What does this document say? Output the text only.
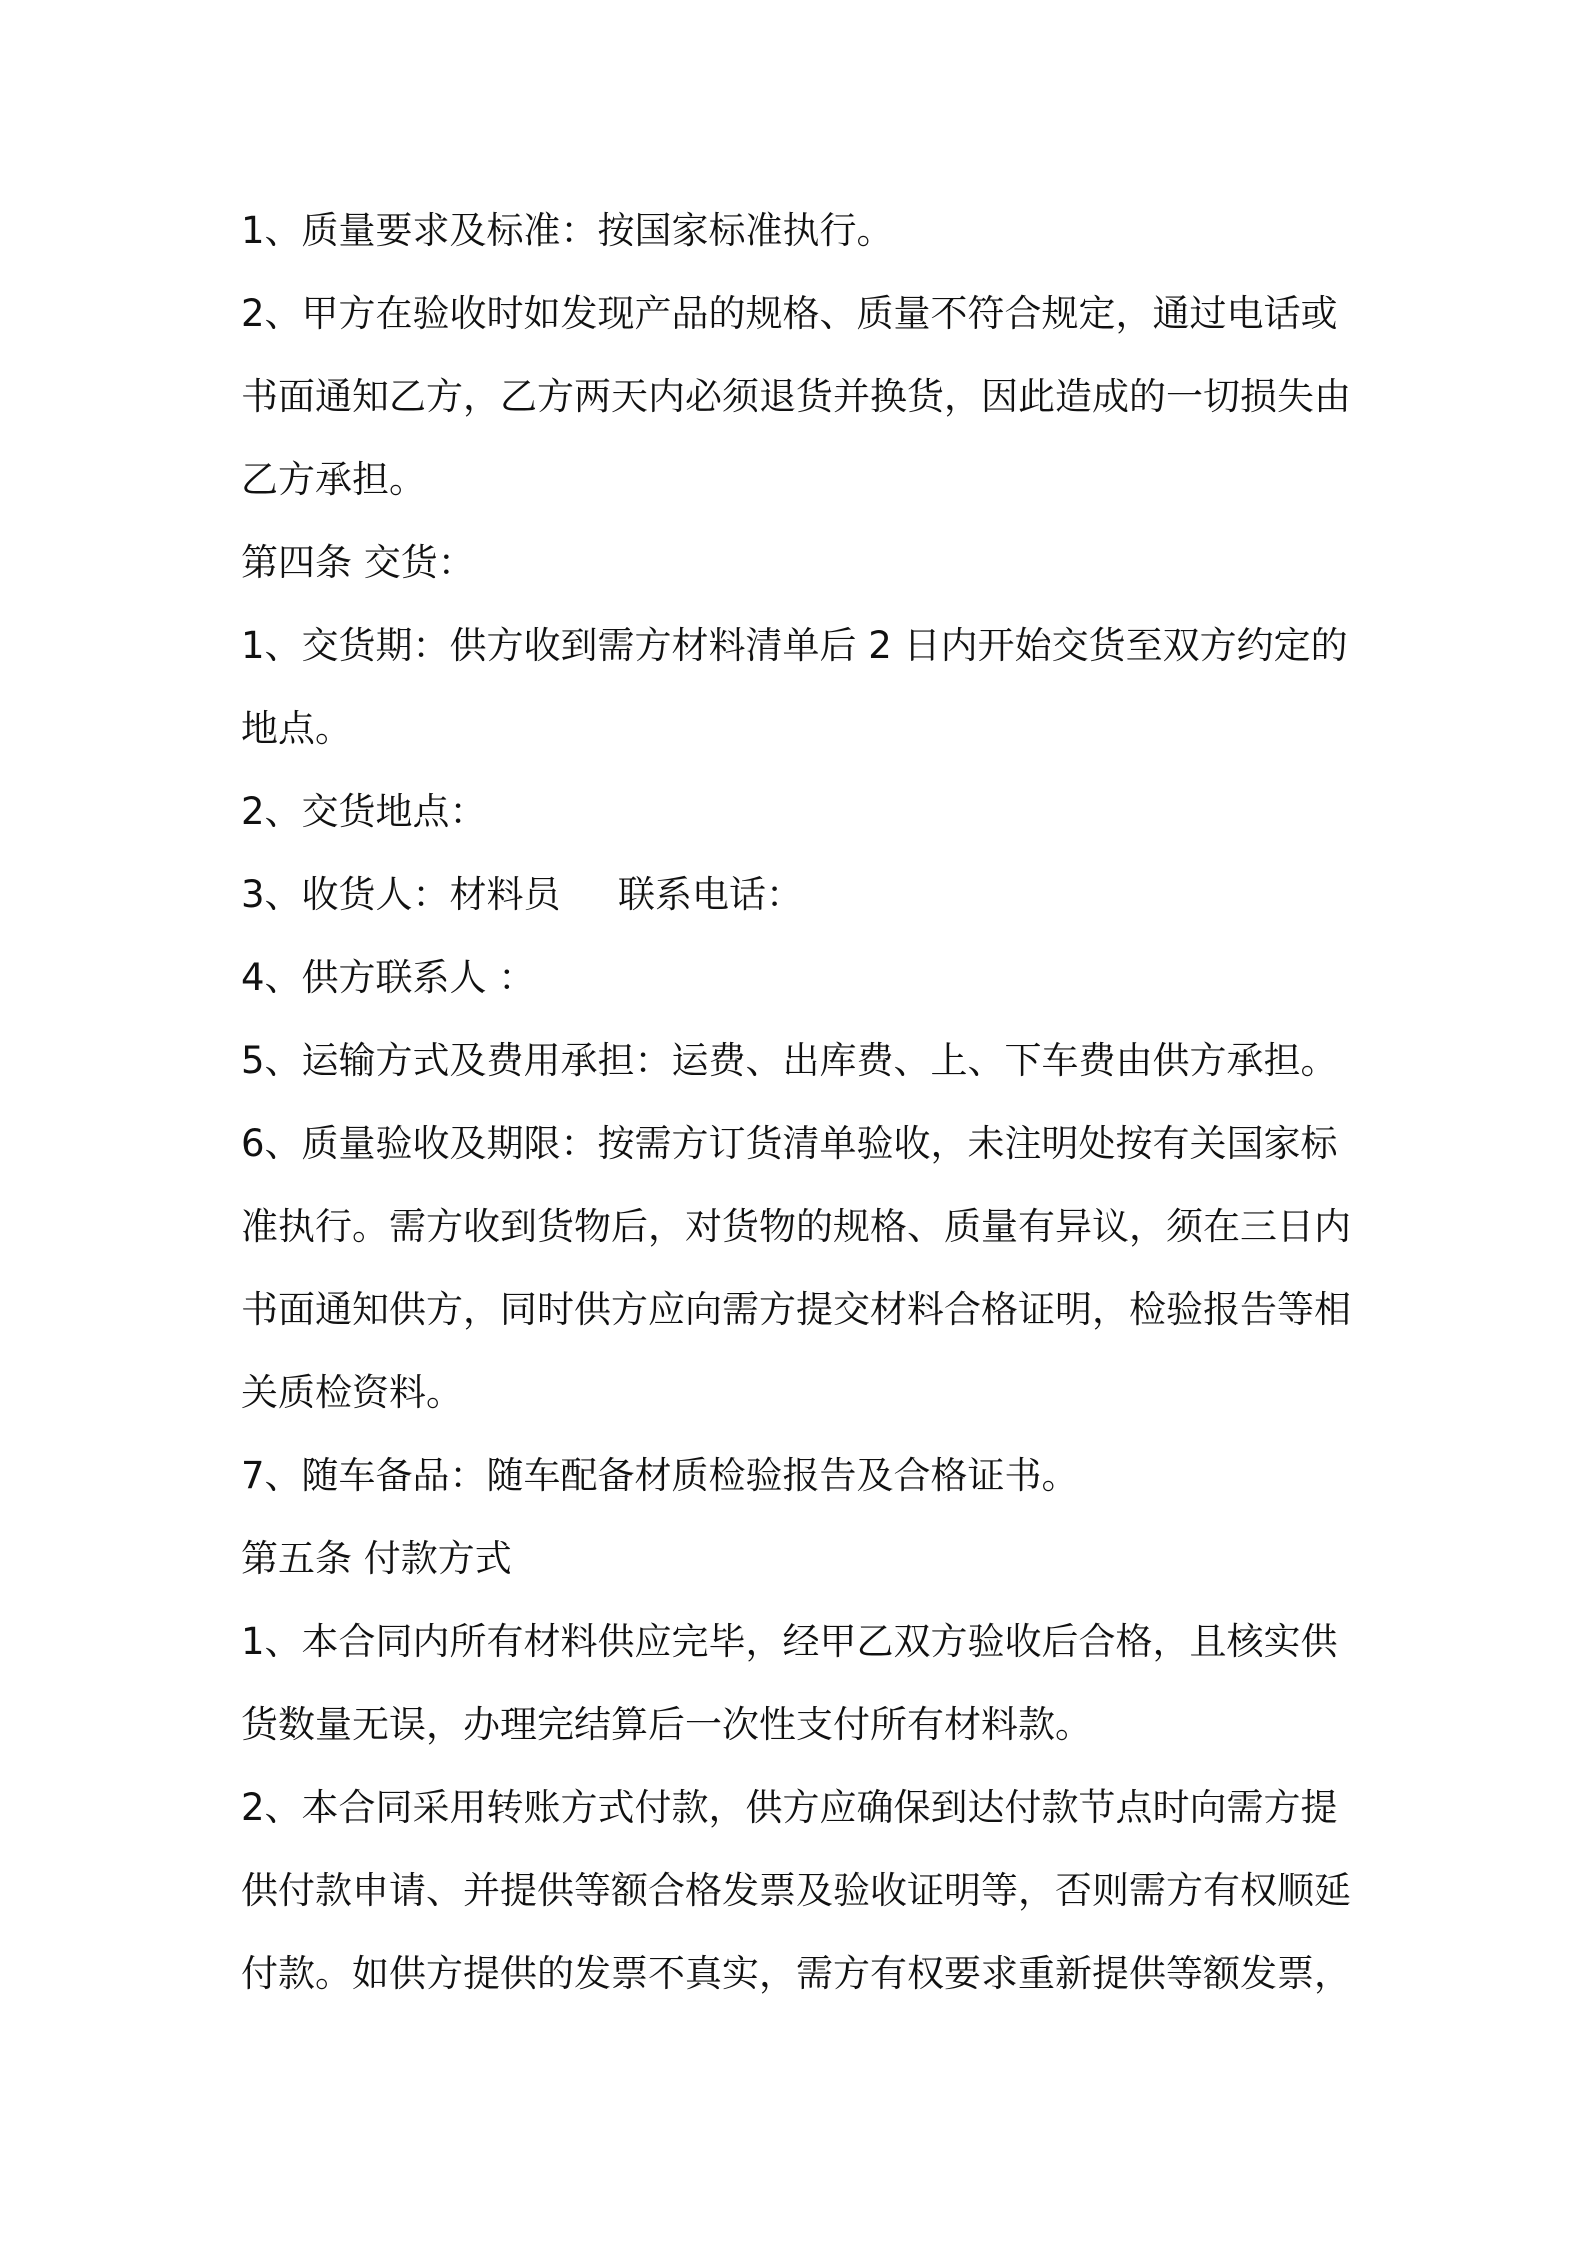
1、质量要求及标准：按国家标准执行。
2、甲方在验收时如发现产品的规格、质量不符合规定，通过电话或
书面通知乙方，乙方两天内必须退货并换货，因此造成的一切损失由
乙方承担。
第四条 交货：
1、交货期：供方收到需方材料清单后 2 日内开始交货至双方约定的
地点。
2、交货地点：
3、收货人：材料员 联系电话：
4、供方联系人 ：
5、运输方式及费用承担：运费、出库费、上、下车费由供方承担。
6、质量验收及期限：按需方订货清单验收，未注明处按有关国家标
准执行。需方收到货物后，对货物的规格、质量有异议，须在三日内
书面通知供方，同时供方应向需方提交材料合格证明，检验报告等相
关质检资料。
7、随车备品：随车配备材质检验报告及合格证书。
第五条 付款方式
1、本合同内所有材料供应完毕，经甲乙双方验收后合格，且核实供
货数量无误，办理完结算后一次性支付所有材料款。
2、本合同采用转账方式付款，供方应确保到达付款节点时向需方提
供付款申请、并提供等额合格发票及验收证明等，否则需方有权顺延
付款。如供方提供的发票不真实，需方有权要求重新提供等额发票，
